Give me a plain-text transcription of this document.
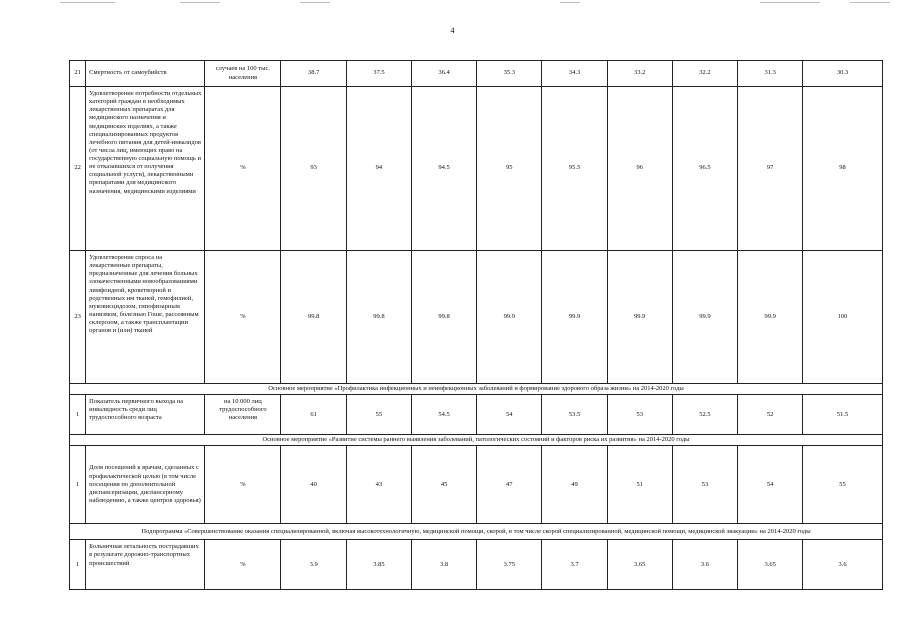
4
21	Смертность от самоубийств	случаев на 100 тыс. населения	38.7	37.5	36.4	35.3	34.3	33.2	32.2	31.3	30.3
22	Удовлетворение потребности отдельных категорий граждан в необходимых лекарственных препаратах для медицинского назначения и медицинских изделиях, а также специализированных продуктов лечебного питания для детей-инвалидов (от числа лиц, имеющих право на государственную социальную помощь и не отказавшихся от получения социальной услуги), лекарственными препаратами для медицинского назначения, медицинскими изделиями	%	93	94	94.5	95	95.5	96	96.5	97	98
23	Удовлетворение спроса на лекарственные препараты, предназначенные для лечения больных злокачественными новообразованиями лимфоидной, кроветворной и родственных им тканей, гемофилией, муковисцидозом, гипофизарным нанизмом, болезнью Гоше, рассеянным склерозом, а также трансплантации органов и (или) тканей	%	99.8	99.8	99.8	99.9	99.9	99.9	99.9	99.9	100
Основное мероприятие «Профилактика инфекционных и неинфекционных заболеваний и формирование здорового образа жизни» на 2014-2020 годы											
1	Показатель первичного выхода на инвалидность среди лиц трудоспособного возраста	на 10 000 лиц трудоспособного населения	61	55	54.5	54	53.5	53	52.5	52	51.5
Основное мероприятие «Развитие системы раннего выявления заболеваний, патологических состояний и факторов риска их развития» на 2014-2020 годы											
1	Доля посещений к врачам, сделанных с профилактической целью (в том числе посещения по дополнительной диспансеризации, диспансерному наблюдению, а также центров здоровья)	%	40	43	45	47	49	51	53	54	55
Подпрограмма «Совершенствование оказания специализированной, включая высокотехнологичную, медицинской помощи, скорой, в том числе скорой специализированной, медицинской помощи, медицинской эвакуации» на 2014-2020 годы											
1	Больничная летальность пострадавших в результате дорожно-транспортных происшествий	%	3.9	3.85	3.8	3.75	3.7	3.65	3.6	3.65	3.6
